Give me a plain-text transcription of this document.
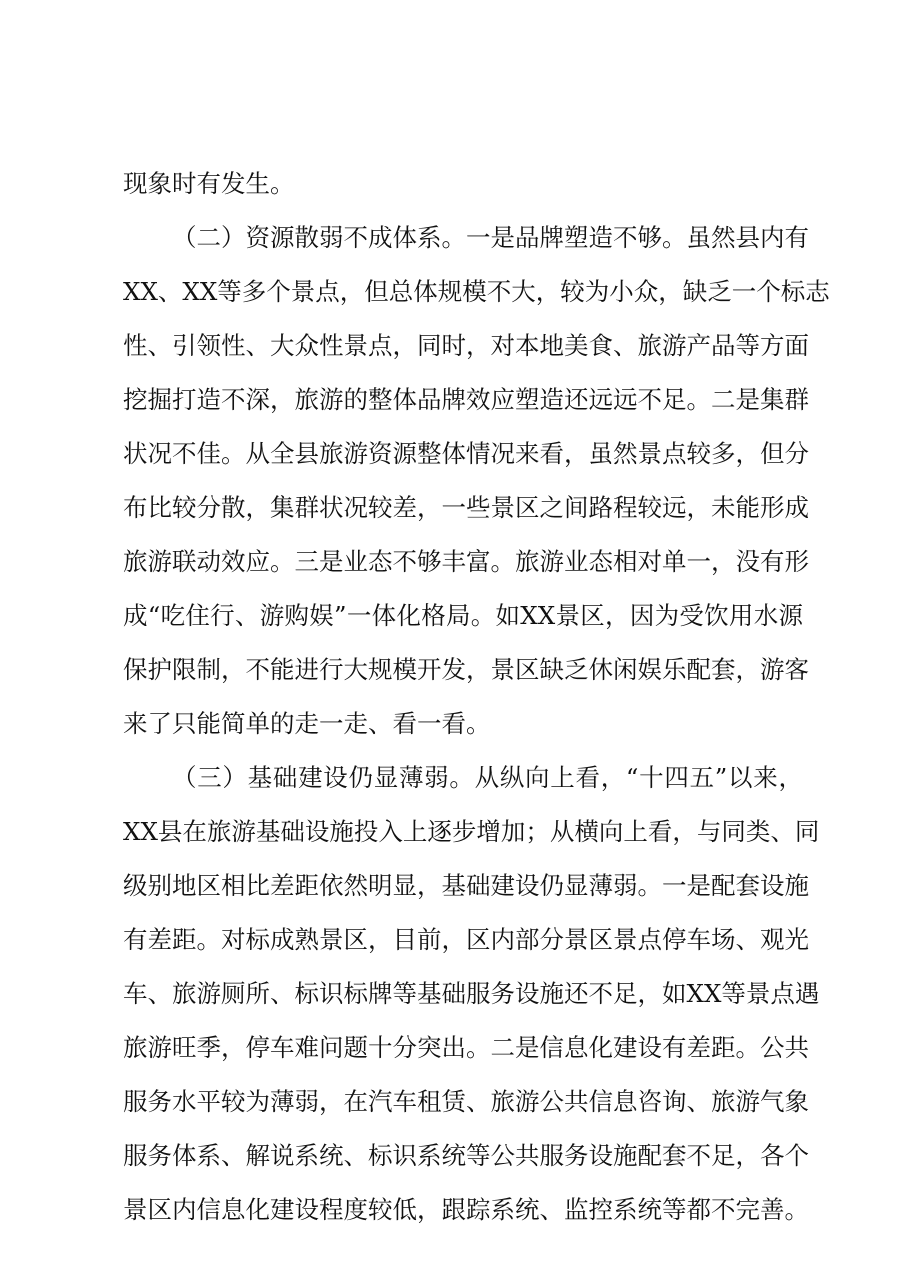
现象时有发生。
（二）资源散弱不成体系。一是品牌塑造不够。虽然县内有
XX、XX等多个景点，但总体规模不大，较为小众，缺乏一个标志
性、引领性、大众性景点，同时，对本地美食、旅游产品等方面
挖掘打造不深，旅游的整体品牌效应塑造还远远不足。二是集群
状况不佳。从全县旅游资源整体情况来看，虽然景点较多，但分
布比较分散，集群状况较差，一些景区之间路程较远，未能形成
旅游联动效应。三是业态不够丰富。旅游业态相对单一，没有形
成“吃住行、游购娱”一体化格局。如XX景区，因为受饮用水源
保护限制，不能进行大规模开发，景区缺乏休闲娱乐配套，游客
来了只能简单的走一走、看一看。
（三）基础建设仍显薄弱。从纵向上看，“十四五”以来，
XX县在旅游基础设施投入上逐步增加；从横向上看，与同类、同
级别地区相比差距依然明显，基础建设仍显薄弱。一是配套设施
有差距。对标成熟景区，目前，区内部分景区景点停车场、观光
车、旅游厕所、标识标牌等基础服务设施还不足，如XX等景点遇
旅游旺季，停车难问题十分突出。二是信息化建设有差距。公共
服务水平较为薄弱，在汽车租赁、旅游公共信息咨询、旅游气象
服务体系、解说系统、标识系统等公共服务设施配套不足，各个
景区内信息化建设程度较低，跟踪系统、监控系统等都不完善。
